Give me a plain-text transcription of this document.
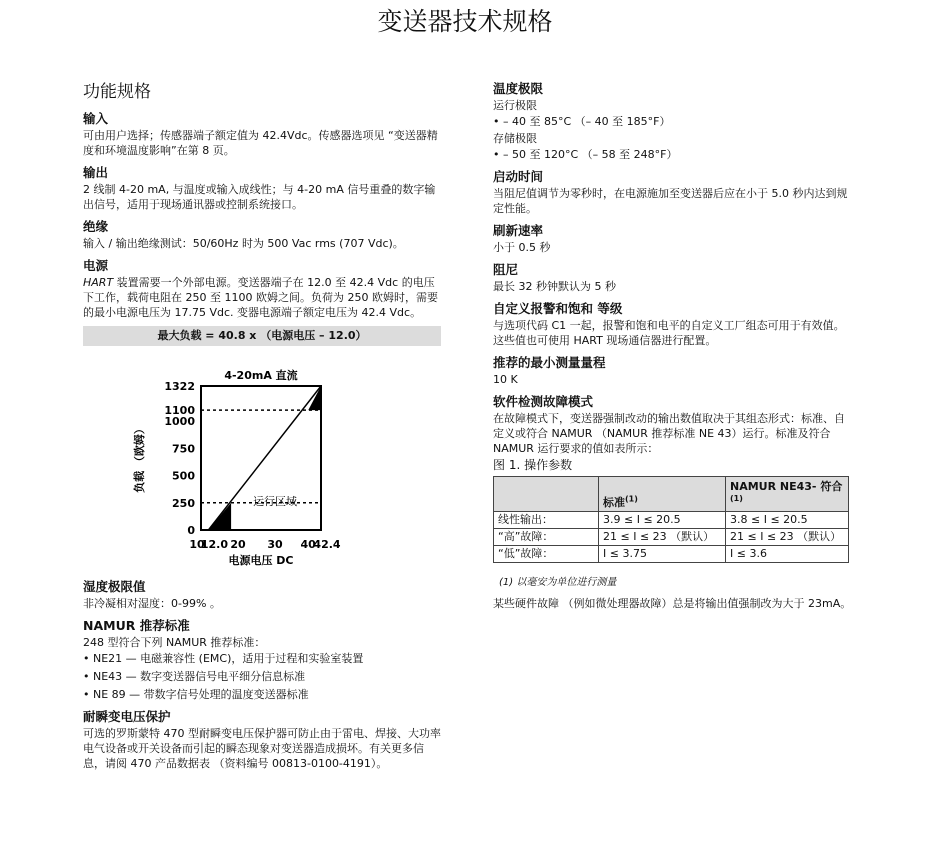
变送器技术规格
功能规格
输入

可由用户选择；传感器端子额定值为 42.4Vdc。传感器选项见 “变送器精度和环境温度影响”在第 8 页。

输出

2 线制 4-20 mA, 与温度或输入成线性；与 4-20 mA 信号重叠的数字输出信号，适用于现场通讯器或控制系统接口。

绝缘

输入 / 输出绝缘测试：50/60Hz 时为 500 Vac rms (707 Vdc)。

电源

HART 装置需要一个外部电源。变送器端子在 12.0 至 42.4 Vdc 的电压下工作，载荷电阻在 250 至 1100 欧姆之间。负荷为 250 欧姆时，需要的最小电源电压为 17.75 Vdc. 变器电源端子额定电压为 42.4 Vdc。

最大负载 = 40.8 x （电源电压 – 12.0）
4-20mA 直流
0
250
500
750
1000
1100
1322
10
12.0 20 30 40
42.4
电源电压 DC
负载 （欧姆）
运行区域
湿度极限值

非冷凝相对湿度：0-99% 。

NAMUR 推荐标准

248 型符合下列 NAMUR 推荐标准：

• NE21 — 电磁兼容性 (EMC)，适用于过程和实验室装置
• NE43 — 数字变送器信号电平细分信息标准
• NE 89 — 带数字信号处理的温度变送器标准
耐瞬变电压保护

可选的罗斯蒙特 470 型耐瞬变电压保护器可防止由于雷电、焊接、大功率电气设备或开关设备而引起的瞬态现象对变送器造成损坏。有关更多信息，请阅 470 产品数据表 （资料编号 00813-0100-4191）。

温度极限

运行极限

• – 40 至 85°C （– 40 至 185°F）

存储极限

• – 50 至 120°C （– 58 至 248°F）
启动时间

当阻尼值调节为零秒时，在电源施加至变送器后应在小于 5.0 秒内达到规定性能。

刷新速率

小于 0.5 秒

阻尼

最长 32 秒钟默认为 5 秒

自定义报警和饱和 等级

与选项代码 C1 一起，报警和饱和电平的自定义工厂组态可用于有效值。这些值也可使用 HART 现场通信器进行配置。

推荐的最小测量量程

10 K

软件检测故障模式

在故障模式下，变送器强制改动的输出数值取决于其组态形式：标准、自定义或符合 NAMUR （NAMUR 推荐标准 NE 43）运行。标准及符合 NAMUR 运行要求的值如表所示：

图 1. 操作参数

	标准$^{(1)}$	NAMUR NE43- 符合
$^{(1)}$
线性输出：	3.9 ≤ I ≤ 20.5	3.8 ≤ I ≤ 20.5
“高”故障：	21 ≤ I ≤ 23 （默认）	21 ≤ I ≤ 23 （默认）
“低”故障：	I ≤ 3.75	I ≤ 3.6

(1) 以毫安为单位进行测量

某些硬件故障 （例如微处理器故障）总是将输出值强制改为大于 23mA。
